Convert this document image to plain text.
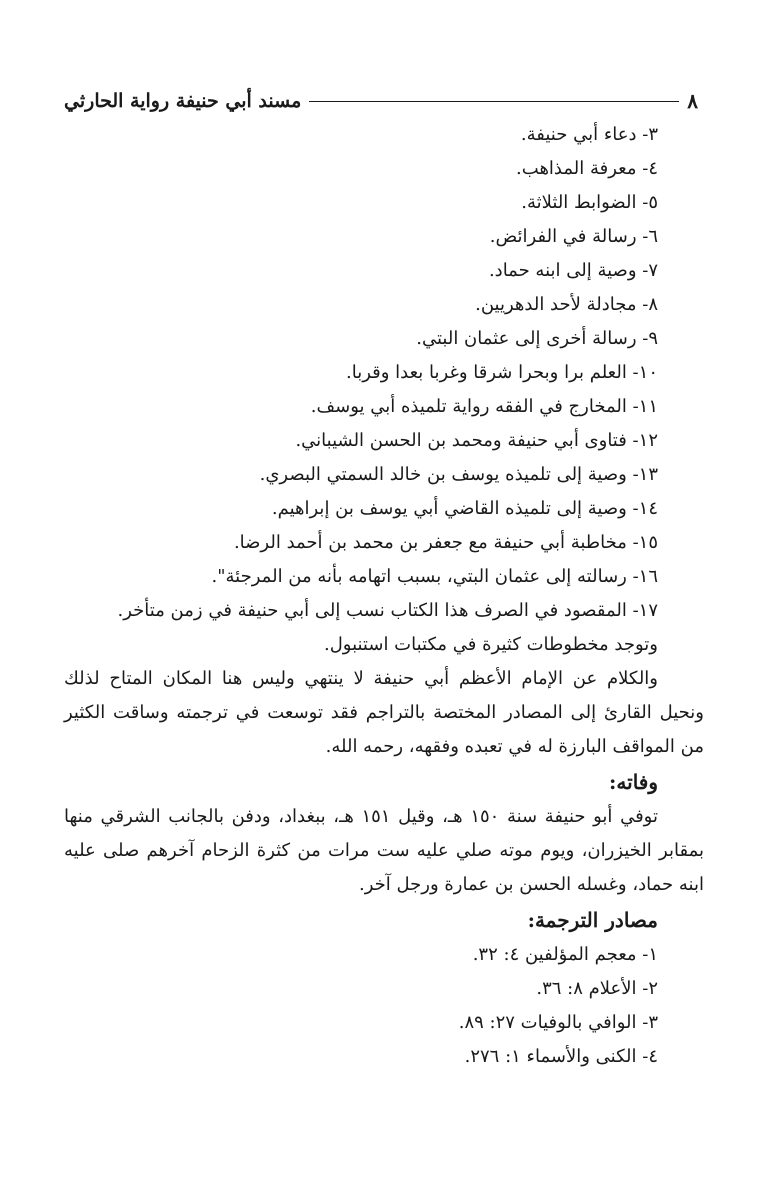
٨
مسند أبي حنيفة رواية الحارثي

٣- دعاء أبي حنيفة.

٤- معرفة المذاهب.

٥- الضوابط الثلاثة.

٦- رسالة في الفرائض.

٧- وصية إلى ابنه حماد.

٨- مجادلة لأحد الدهريين.

٩- رسالة أخرى إلى عثمان البتي.

١٠- العلم برا وبحرا شرقا وغربا بعدا وقربا.

١١- المخارج في الفقه رواية تلميذه أبي يوسف.

١٢- فتاوى أبي حنيفة ومحمد بن الحسن الشيباني.

١٣- وصية إلى تلميذه يوسف بن خالد السمتي البصري.

١٤- وصية إلى تلميذه القاضي أبي يوسف بن إبراهيم.

١٥- مخاطبة أبي حنيفة مع جعفر بن محمد بن أحمد الرضا.

١٦- رسالته إلى عثمان البتي، بسبب اتهامه بأنه من المرجئة".

١٧- المقصود في الصرف هذا الكتاب نسب إلى أبي حنيفة في زمن متأخر.

وتوجد مخطوطات كثيرة في مكتبات استنبول.

والكلام عن الإمام الأعظم أبي حنيفة لا ينتهي وليس هنا المكان المتاح لذلك ونحيل القارئ إلى المصادر المختصة بالتراجم فقد توسعت في ترجمته وساقت الكثير من المواقف البارزة له في تعبده وفقهه، رحمه الله.

وفاته:

توفي أبو حنيفة سنة ١٥٠ هـ، وقيل ١٥١ هـ، ببغداد، ودفن بالجانب الشرقي منها بمقابر الخيزران، ويوم موته صلي عليه ست مرات من كثرة الزحام آخرهم صلى عليه ابنه حماد، وغسله الحسن بن عمارة ورجل آخر.

مصادر الترجمة:

١- معجم المؤلفين ٤: ٣٢.

٢- الأعلام ٨: ٣٦.

٣- الوافي بالوفيات ٢٧: ٨٩.

٤- الكنى والأسماء ١: ٢٧٦.
